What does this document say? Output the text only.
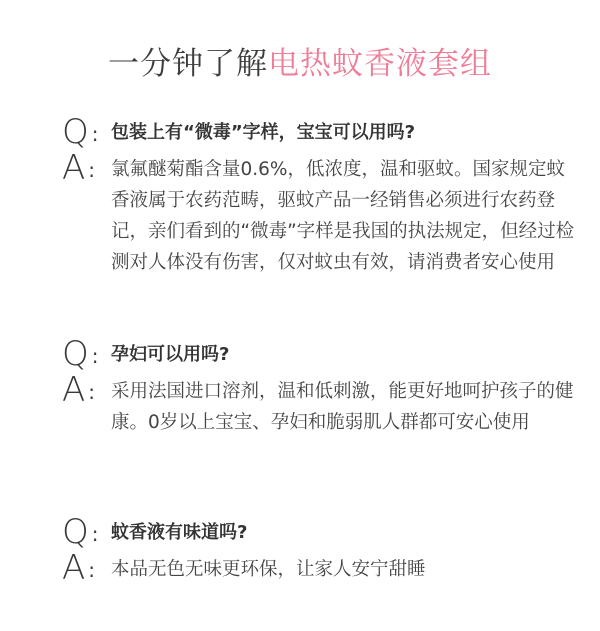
一分钟了解电热蚊香液套组
Q : 包装上有“微毒”字样，宝宝可以用吗?
A : 氯氟醚菊酯含量0.6%，低浓度，温和驱蚊。国家规定蚊香液属于农药范畴，驱蚊产品一经销售必须进行农药登记，亲们看到的“微毒”字样是我国的执法规定，但经过检测对人体没有伤害，仅对蚊虫有效，请消费者安心使用
Q : 孕妇可以用吗?
A : 采用法国进口溶剂，温和低刺激，能更好地呵护孩子的健康。0岁以上宝宝、孕妇和脆弱肌人群都可安心使用
Q : 蚊香液有味道吗?
A : 本品无色无味更环保，让家人安宁甜睡
